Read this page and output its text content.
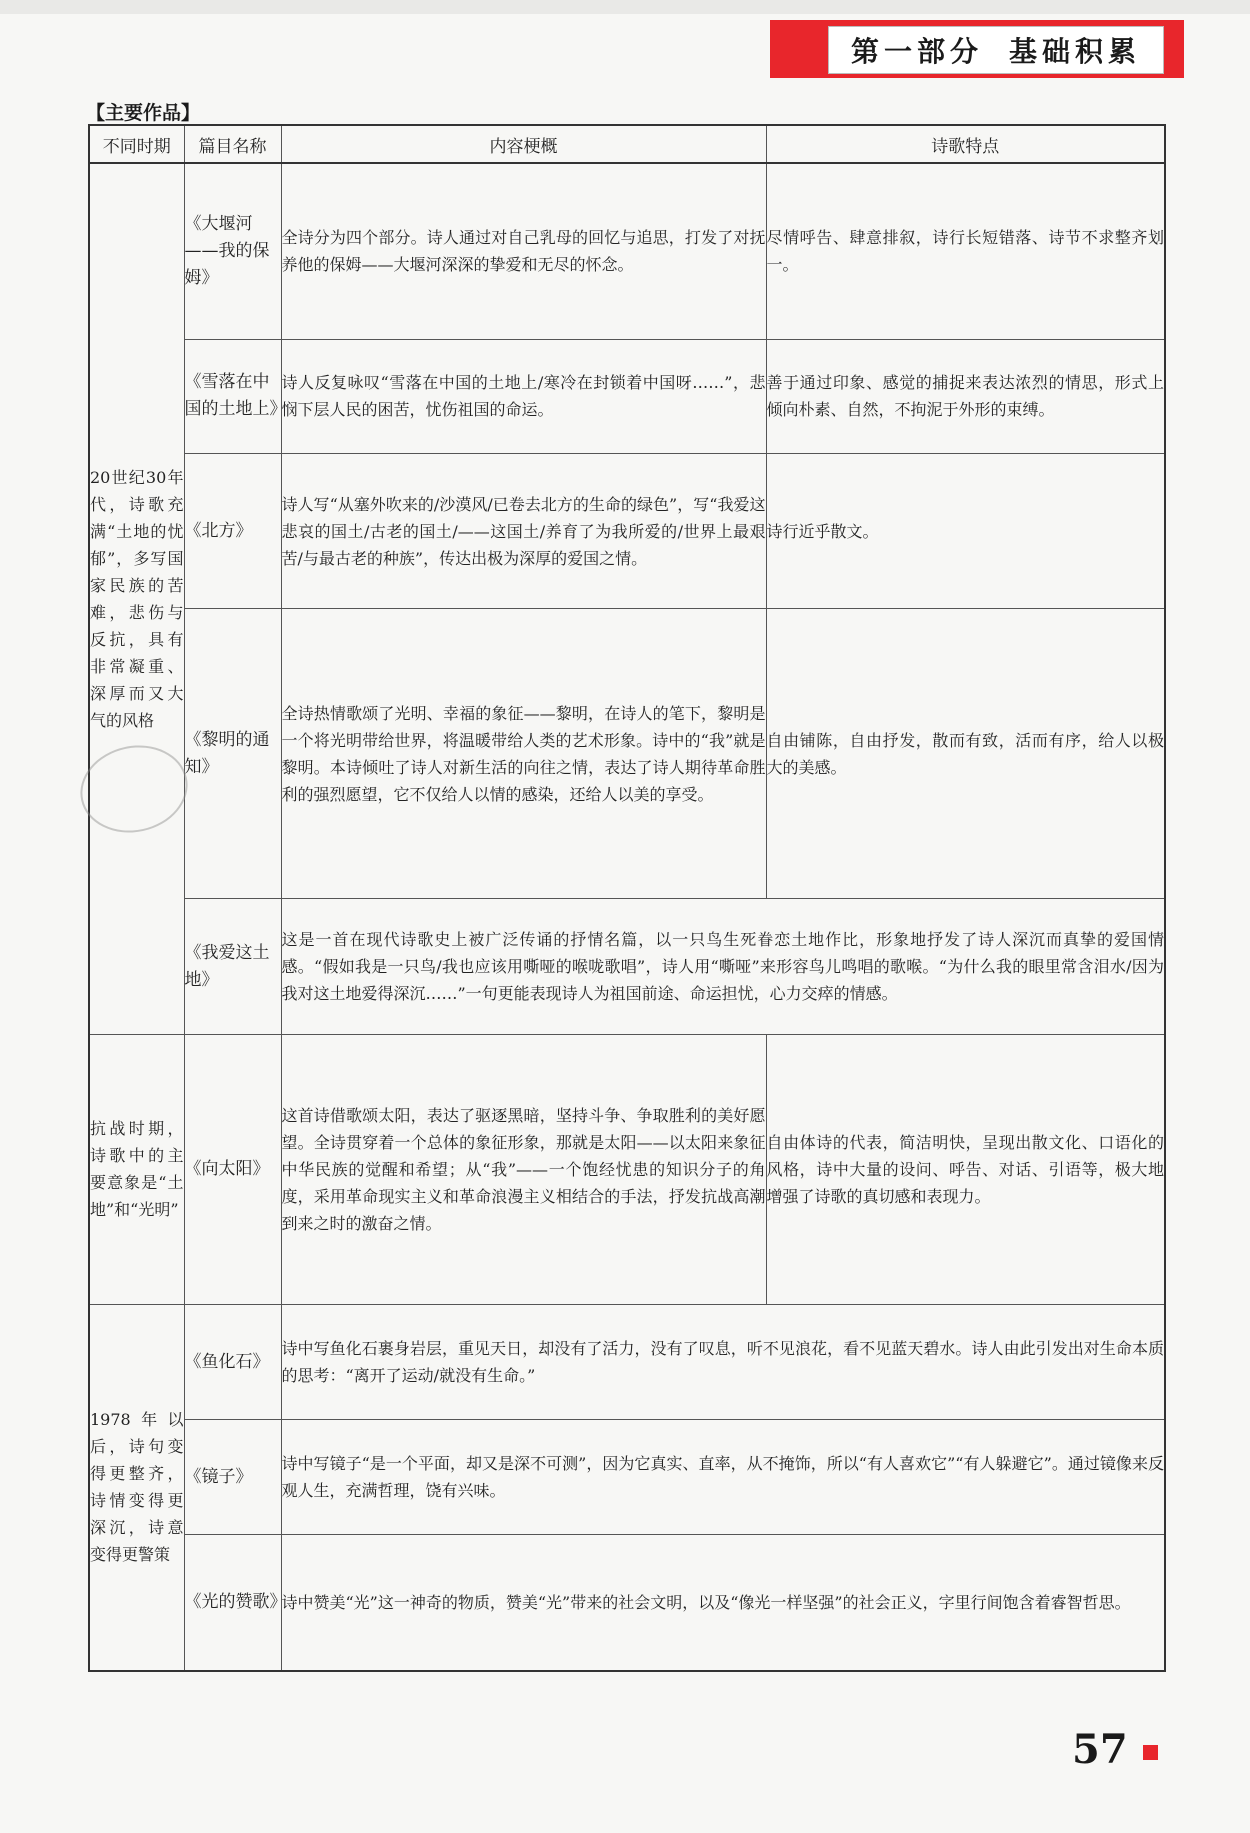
第一部分 基础积累
【主要作品】
不同时期	篇目名称	内容梗概	诗歌特点
20世纪30年代，诗歌充满“土地的忧郁”，多写国家民族的苦难，悲伤与反抗，具有非常凝重、深厚而又大气的风格	《大堰河——我的保姆》	全诗分为四个部分。诗人通过对自己乳母的回忆与追思，打发了对抚养他的保姆——大堰河深深的挚爱和无尽的怀念。	尽情呼告、肆意排叙，诗行长短错落、诗节不求整齐划一。
	《雪落在中国的土地上》	诗人反复咏叹“雪落在中国的土地上/寒冷在封锁着中国呀……”，悲悯下层人民的困苦，忧伤祖国的命运。	善于通过印象、感觉的捕捉来表达浓烈的情思，形式上倾向朴素、自然，不拘泥于外形的束缚。
	《北方》	诗人写“从塞外吹来的/沙漠风/已卷去北方的生命的绿色”，写“我爱这悲哀的国土/古老的国土/——这国土/养育了为我所爱的/世界上最艰苦/与最古老的种族”，传达出极为深厚的爱国之情。	诗行近乎散文。
	《黎明的通知》	全诗热情歌颂了光明、幸福的象征——黎明，在诗人的笔下，黎明是一个将光明带给世界，将温暖带给人类的艺术形象。诗中的“我”就是黎明。本诗倾吐了诗人对新生活的向往之情，表达了诗人期待革命胜利的强烈愿望，它不仅给人以情的感染，还给人以美的享受。	自由铺陈，自由抒发，散而有致，活而有序，给人以极大的美感。
	《我爱这土地》	这是一首在现代诗歌史上被广泛传诵的抒情名篇，以一只鸟生死眷恋土地作比，形象地抒发了诗人深沉而真挚的爱国情感。“假如我是一只鸟/我也应该用嘶哑的喉咙歌唱”，诗人用“嘶哑”来形容鸟儿鸣唱的歌喉。“为什么我的眼里常含泪水/因为我对这土地爱得深沉……”一句更能表现诗人为祖国前途、命运担忧，心力交瘁的情感。	
抗战时期，诗歌中的主要意象是“土地”和“光明”	《向太阳》	这首诗借歌颂太阳，表达了驱逐黑暗，坚持斗争、争取胜利的美好愿望。全诗贯穿着一个总体的象征形象，那就是太阳——以太阳来象征中华民族的觉醒和希望；从“我”——一个饱经忧患的知识分子的角度，采用革命现实主义和革命浪漫主义相结合的手法，抒发抗战高潮到来之时的激奋之情。	自由体诗的代表，简洁明快，呈现出散文化、口语化的风格，诗中大量的设问、呼告、对话、引语等，极大地增强了诗歌的真切感和表现力。
1978年以后，诗句变得更整齐，诗情变得更深沉，诗意变得更警策	《鱼化石》	诗中写鱼化石裹身岩层，重见天日，却没有了活力，没有了叹息，听不见浪花，看不见蓝天碧水。诗人由此引发出对生命本质的思考：“离开了运动/就没有生命。”	
	《镜子》	诗中写镜子“是一个平面，却又是深不可测”，因为它真实、直率，从不掩饰，所以“有人喜欢它”“有人躲避它”。通过镜像来反观人生，充满哲理，饶有兴味。	
	《光的赞歌》	诗中赞美“光”这一神奇的物质，赞美“光”带来的社会文明，以及“像光一样坚强”的社会正义，字里行间饱含着睿智哲思。	
57
